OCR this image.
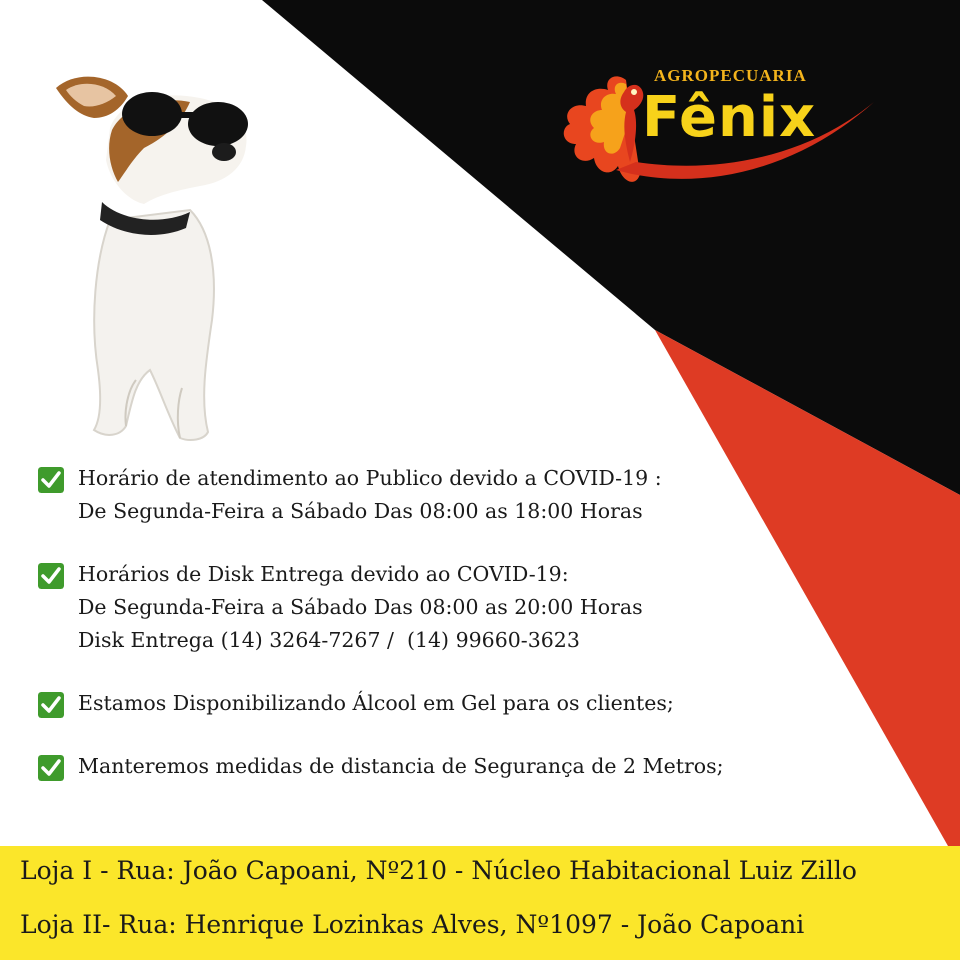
AGROPECUARIA
Fênix
Horário de atendimento ao Publico devido a COVID-19 :
De Segunda-Feira a Sábado Das 08:00 as 18:00 Horas
Horários de Disk Entrega devido ao COVID-19:
De Segunda-Feira a Sábado Das 08:00 as 20:00 Horas
Disk Entrega (14) 3264-7267 /  (14) 99660-3623
Estamos Disponibilizando Álcool em Gel para os clientes;
Manteremos medidas de distancia de Segurança de 2 Metros;
Loja I - Rua: João Capoani, Nº210 - Núcleo Habitacional Luiz Zillo
Loja II- Rua: Henrique Lozinkas Alves, Nº1097 - João Capoani
